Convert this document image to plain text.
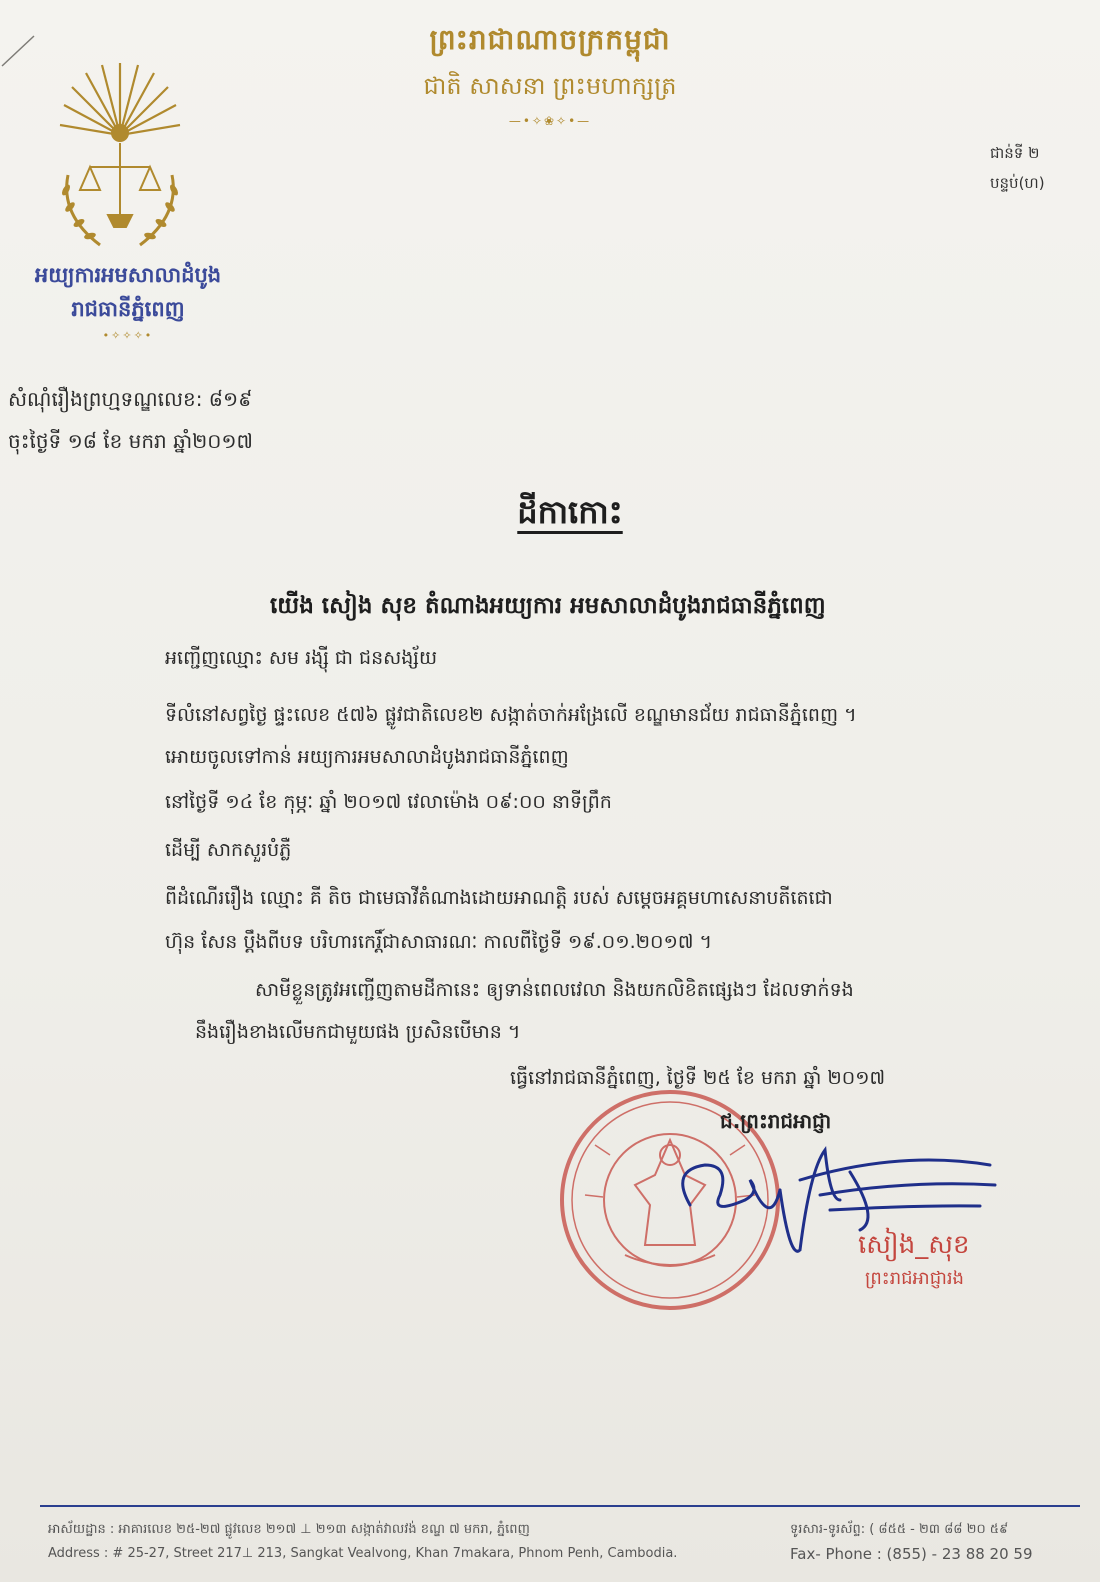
ព្រះរាជាណាចក្រកម្ពុជា
ជាតិ សាសនា ព្រះមហាក្សត្រ
—•✧❀✧•—
អយ្យការអមសាលាដំបូង
រាជធានីភ្នំពេញ
•✧✧✧•
ជាន់ទី ២
បន្ទប់(ហ)
សំណុំរឿងព្រហ្មទណ្ឌលេខ: ៨១៩
ចុះថ្ងៃទី ១៨ ខែ មករា ឆ្នាំ២០១៧
ដីកាកោះ
យើង សៀង សុខ តំណាងអយ្យការ អមសាលាដំបូងរាជធានីភ្នំពេញ
អញ្ជើញឈ្មោះ សម រង្ស៊ី ជា ជនសង្ស័យ
ទីលំនៅសព្វថ្ងៃ ផ្ទះលេខ ៥៧៦ ផ្លូវជាតិលេខ២ សង្កាត់ចាក់អង្រែលើ ខណ្ឌមានជ័យ រាជធានីភ្នំពេញ ។
អោយចូលទៅកាន់ អយ្យការអមសាលាដំបូងរាជធានីភ្នំពេញ
នៅថ្ងៃទី ១៤ ខែ កុម្ភៈ ឆ្នាំ ២០១៧ វេលាម៉ោង ០៩:០០ នាទីព្រឹក
ដើម្បី សាកសួរបំភ្លឺ
ពីដំណើររឿង ឈ្មោះ គី តិច ជាមេធាវីតំណាងដោយអាណត្តិ របស់ សម្ដេចអគ្គមហាសេនាបតីតេជោ
ហ៊ុន សែន ប្ដឹងពីបទ បរិហារកេរ្តិ៍ជាសាធារណៈ កាលពីថ្ងៃទី ១៩.០១.២០១៧ ។
សាមីខ្លួនត្រូវអញ្ជើញតាមដីកានេះ ឲ្យទាន់ពេលវេលា និងយកលិខិតផ្សេងៗ ដែលទាក់ទង
នឹងរឿងខាងលើមកជាមួយផង ប្រសិនបើមាន ។
ធ្វើនៅរាជធានីភ្នំពេញ, ថ្ងៃទី ២៥ ខែ មករា ឆ្នាំ ២០១៧
ជ.ព្រះរាជអាជ្ញា
សៀង_សុខ
ព្រះរាជអាជ្ញារង
អាស័យដ្ឋាន : អាគារលេខ ២៥-២៧ ផ្លូវលេខ ២១៧ ⊥ ២១៣ សង្កាត់វាលវង់ ខណ្ឌ ៧ មករា, ភ្នំពេញ
Address : # 25-27, Street 217⊥ 213, Sangkat Vealvong, Khan 7makara, Phnom Penh, Cambodia.
ទូរសារ-ទូរស័ព្ទ: ( ៨៥៥ - ២៣ ៨៨ ២០ ៥៩
Fax- Phone : (855) - 23 88 20 59
